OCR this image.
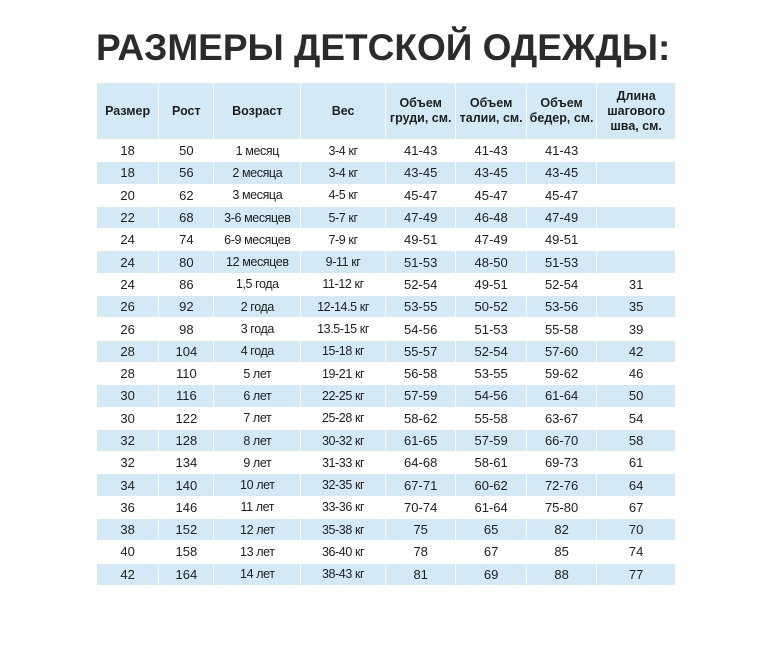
РАЗМЕРЫ ДЕТСКОЙ ОДЕЖДЫ:
Размер	Рост	Возраст	Вес	Объем груди, см.	Объем талии, см.	Объем бедер, см.	Длина шагового шва, см.
18	50	1 месяц	3-4 кг	41-43	41-43	41-43	
18	56	2 месяца	3-4 кг	43-45	43-45	43-45	
20	62	3 месяца	4-5 кг	45-47	45-47	45-47	
22	68	3-6 месяцев	5-7 кг	47-49	46-48	47-49	
24	74	6-9 месяцев	7-9 кг	49-51	47-49	49-51	
24	80	12 месяцев	9-11 кг	51-53	48-50	51-53	
24	86	1,5 года	11-12 кг	52-54	49-51	52-54	31
26	92	2 года	12-14.5 кг	53-55	50-52	53-56	35
26	98	3 года	13.5-15 кг	54-56	51-53	55-58	39
28	104	4 года	15-18 кг	55-57	52-54	57-60	42
28	110	5 лет	19-21 кг	56-58	53-55	59-62	46
30	116	6 лет	22-25 кг	57-59	54-56	61-64	50
30	122	7 лет	25-28 кг	58-62	55-58	63-67	54
32	128	8 лет	30-32 кг	61-65	57-59	66-70	58
32	134	9 лет	31-33 кг	64-68	58-61	69-73	61
34	140	10 лет	32-35 кг	67-71	60-62	72-76	64
36	146	11 лет	33-36 кг	70-74	61-64	75-80	67
38	152	12 лет	35-38 кг	75	65	82	70
40	158	13 лет	36-40 кг	78	67	85	74
42	164	14 лет	38-43 кг	81	69	88	77
